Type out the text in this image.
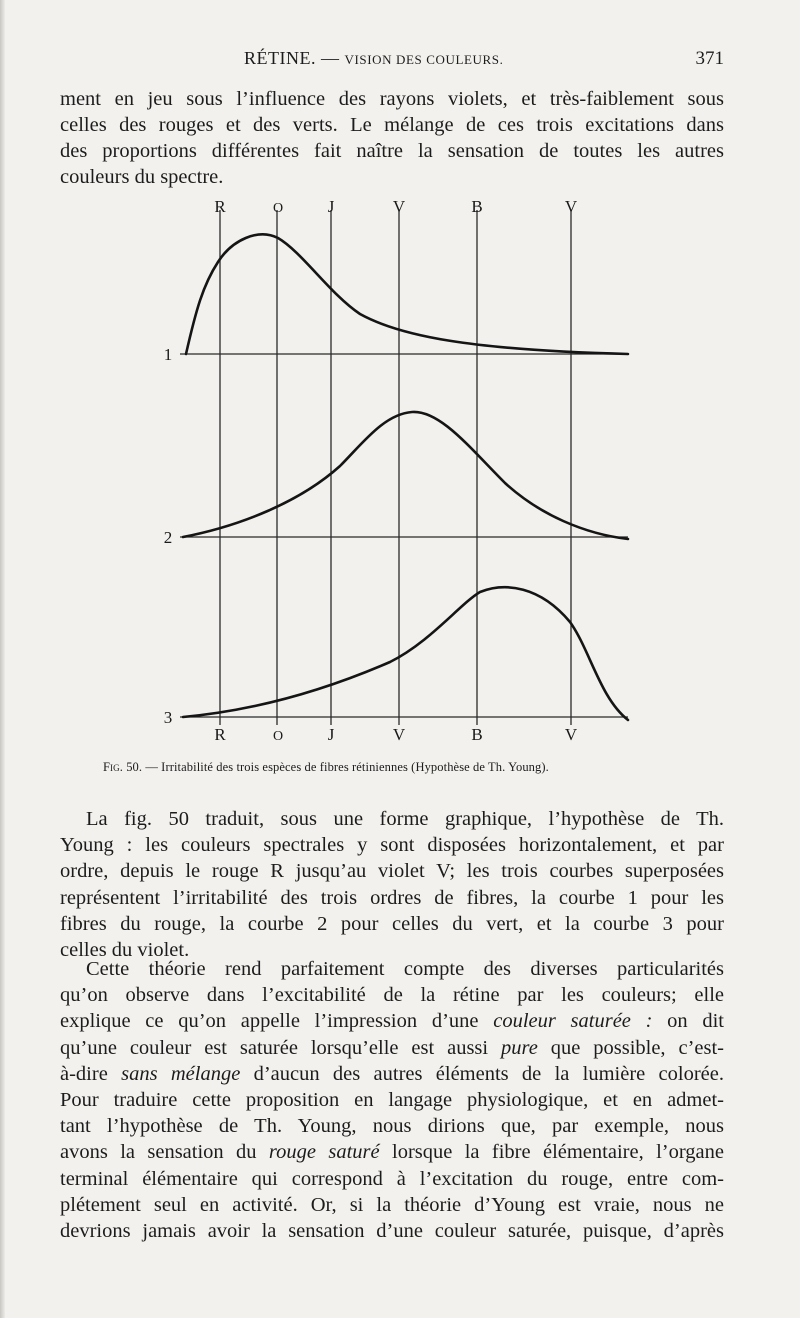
RÉTINE. — VISION DES COULEURS.	371

ment en jeu sous l’influence des rayons violets, et très-faiblement sous
celles des rouges et des verts. Le mélange de ces trois excitations dans
des proportions différentes fait naître la sensation de toutes les autres
couleurs du spectre.

R	O	J	V	B	V
R	O	J	V	B	V
1
2
3
Fig. 50. — Irritabilité des trois espèces de fibres rétiniennes (Hypothèse de Th. Young).

La fig. 50 traduit, sous une forme graphique, l’hypothèse de Th.
Young : les couleurs spectrales y sont disposées horizontalement, et par
ordre, depuis le rouge R jusqu’au violet V; les trois courbes superposées
représentent l’irritabilité des trois ordres de fibres, la courbe 1 pour les
fibres du rouge, la courbe 2 pour celles du vert, et la courbe 3 pour
celles du violet.

Cette théorie rend parfaitement compte des diverses particularités
qu’on observe dans l’excitabilité de la rétine par les couleurs; elle
explique ce qu’on appelle l’impression d’une couleur saturée : on dit
qu’une couleur est saturée lorsqu’elle est aussi pure que possible, c’est-
à-dire sans mélange d’aucun des autres éléments de la lumière colorée.
Pour traduire cette proposition en langage physiologique, et en admet-
tant l’hypothèse de Th. Young, nous dirions que, par exemple, nous
avons la sensation du rouge saturé lorsque la fibre élémentaire, l’organe
terminal élémentaire qui correspond à l’excitation du rouge, entre com-
plétement seul en activité. Or, si la théorie d’Young est vraie, nous ne
devrions jamais avoir la sensation d’une couleur saturée, puisque, d’après
